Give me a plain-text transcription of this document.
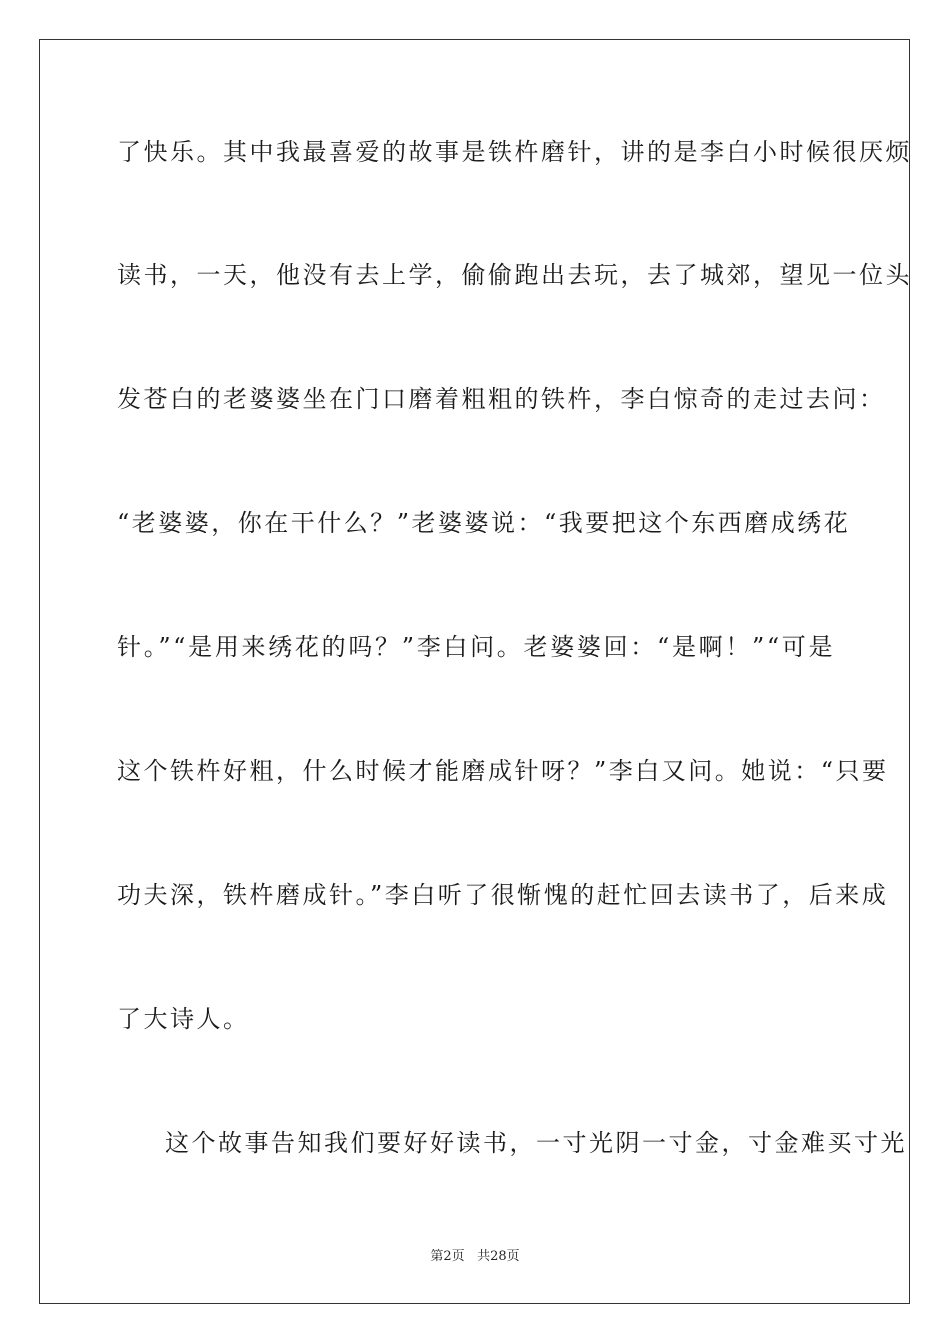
了快乐。其中我最喜爱的故事是铁杵磨针，讲的是李白小时候很厌烦
读书，一天，他没有去上学，偷偷跑出去玩，去了城郊，望见一位头
发苍白的老婆婆坐在门口磨着粗粗的铁杵，李白惊奇的走过去问：
“老婆婆，你在干什么？”老婆婆说：“我要把这个东西磨成绣花
针。”“是用来绣花的吗？”李白问。老婆婆回：“是啊！”“可是
这个铁杵好粗，什么时候才能磨成针呀？”李白又问。她说：“只要
功夫深，铁杵磨成针。”李白听了很惭愧的赶忙回去读书了，后来成
了大诗人。
这个故事告知我们要好好读书，一寸光阴一寸金，寸金难买寸光
第2页 共28页
